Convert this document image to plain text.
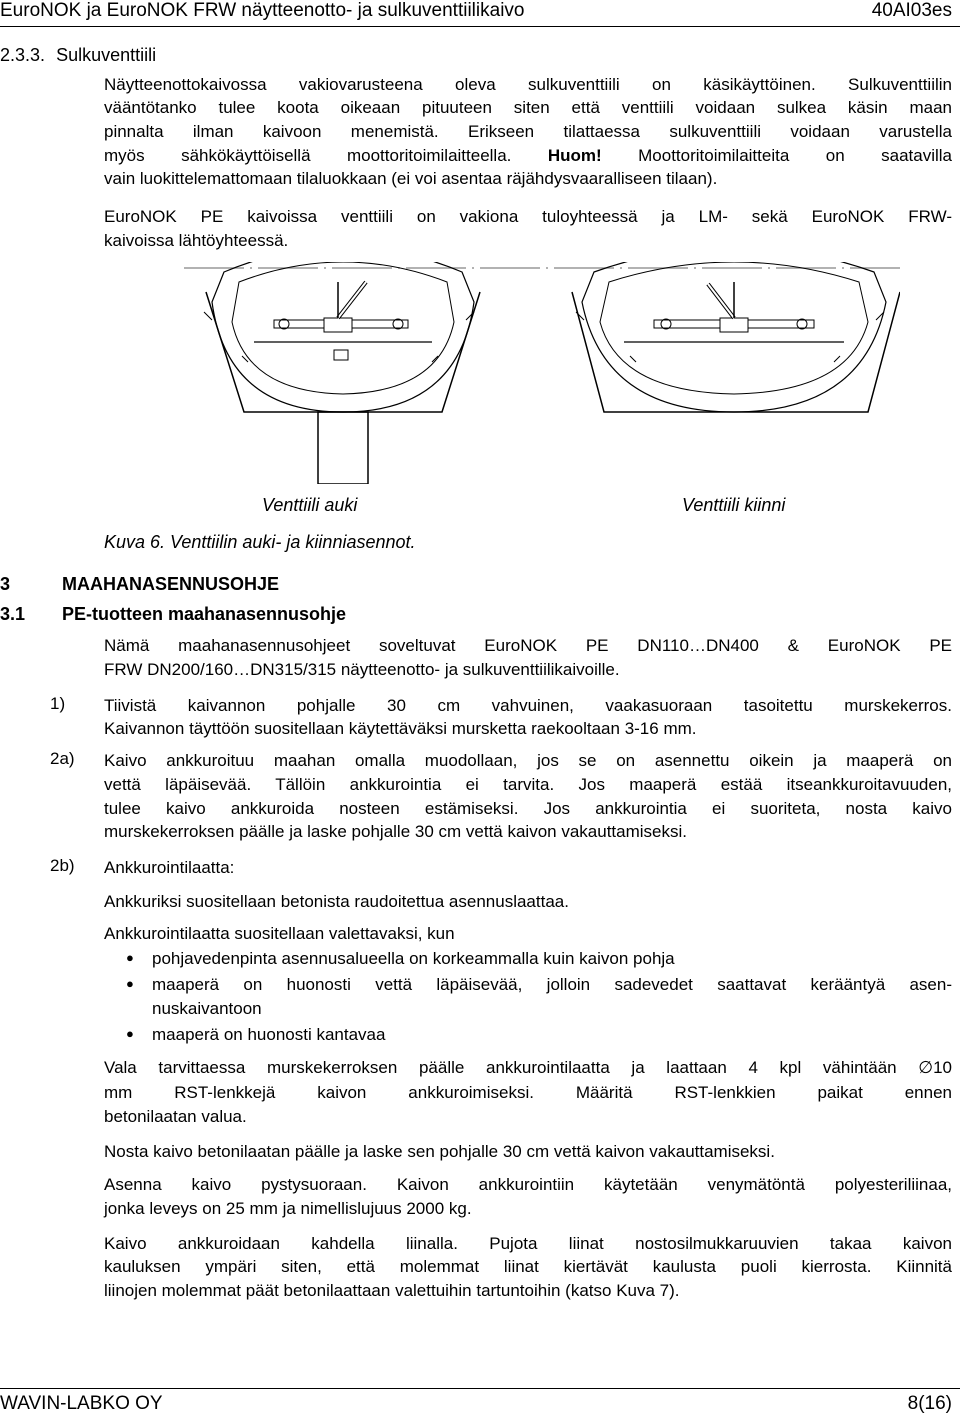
EuroNOK ja EuroNOK FRW näytteenotto- ja sulkuventtiilikaivo	40AI03es
2.3.3. Sulkuventtiili
Näytteenottokaivossa vakiovarusteena oleva sulkuventtiili on käsikäyttöinen. Sulkuventtiilin
vääntötanko tulee koota oikeaan pituuteen siten että venttiili voidaan sulkea käsin maan
pinnalta ilman kaivoon menemistä. Erikseen tilattaessa sulkuventtiili voidaan varustella
myös sähkökäyttöisellä moottoritoimilaitteella. Huom! Moottoritoimilaitteita on saatavilla
vain luokittelemattomaan tilaluokkaan (ei voi asentaa räjähdysvaaralliseen tilaan).
EuroNOK PE kaivoissa venttiili on vakiona tuloyhteessä ja LM- sekä EuroNOK FRW-
kaivoissa lähtöyhteessä.
Venttiili auki	Venttiili kiinni
Kuva 6. Venttiilin auki- ja kiinniasennot.
3	MAAHANASENNUSOHJE
3.1 PE-tuotteen maahanasennusohje
Nämä maahanasennusohjeet soveltuvat EuroNOK PE DN110…DN400 & EuroNOK PE
FRW DN200/160…DN315/315 näytteenotto- ja sulkuventtiilikaivoille.
1)	Tiivistä kaivannon pohjalle 30 cm vahvuinen, vaakasuoraan tasoitettu murskekerros.
Kaivannon täyttöön suositellaan käytettäväksi mursketta raekooltaan 3-16 mm.
2a)	Kaivo ankkuroituu maahan omalla muodollaan, jos se on asennettu oikein ja maaperä on
vettä läpäisevää. Tällöin ankkurointia ei tarvita. Jos maaperä estää itseankkuroitavuuden,
tulee kaivo ankkuroida nosteen estämiseksi. Jos ankkurointia ei suoriteta, nosta kaivo
murskekerroksen päälle ja laske pohjalle 30 cm vettä kaivon vakauttamiseksi.
2b)	Ankkurointilaatta:
Ankkuriksi suositellaan betonista raudoitettua asennuslaattaa.
Ankkurointilaatta suositellaan valettavaksi, kun
● pohjavedenpinta asennusalueella on korkeammalla kuin kaivon pohja
● maaperä on huonosti vettä läpäisevää, jolloin sadevedet saattavat kerääntyä asen-
nuskaivantoon
● maaperä on huonosti kantavaa
Vala tarvittaessa murskekerroksen päälle ankkurointilaatta ja laattaan 4 kpl vähintään ∅10
mm RST-lenkkejä kaivon ankkuroimiseksi. Määritä RST-lenkkien paikat ennen
betonilaatan valua.
Nosta kaivo betonilaatan päälle ja laske sen pohjalle 30 cm vettä kaivon vakauttamiseksi.
Asenna kaivo pystysuoraan. Kaivon ankkurointiin käytetään venymätöntä polyesteriliinaa,
jonka leveys on 25 mm ja nimellislujuus 2000 kg.
Kaivo ankkuroidaan kahdella liinalla. Pujota liinat nostosilmukkaruuvien takaa kaivon
kauluksen ympäri siten, että molemmat liinat kiertävät kaulusta puoli kierrosta. Kiinnitä
liinojen molemmat päät betonilaattaan valettuihin tartuntoihin (katso Kuva 7).
WAVIN-LABKO OY	8(16)
